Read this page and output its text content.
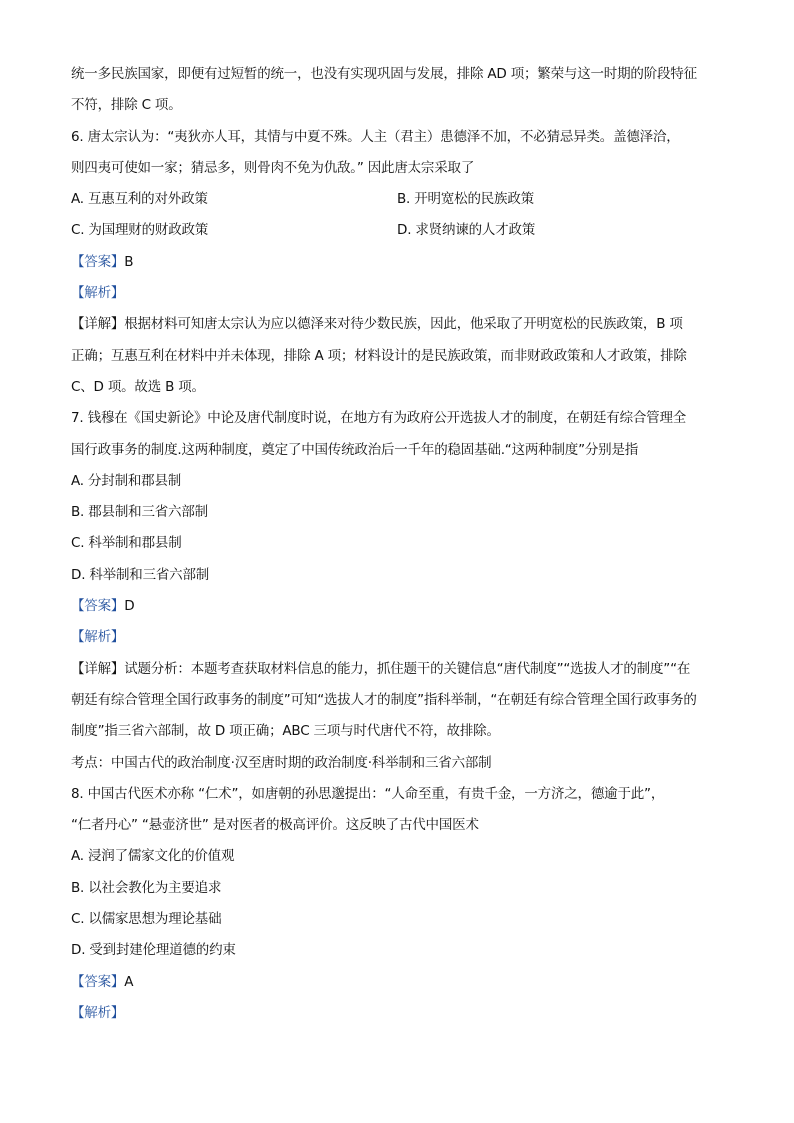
统一多民族国家，即便有过短暂的统一，也没有实现巩固与发展，排除 AD 项；繁荣与这一时期的阶段特征
不符，排除 C 项。
6. 唐太宗认为：“夷狄亦人耳，其情与中夏不殊。人主（君主）患德泽不加，不必猜忌异类。盖德泽洽，
则四夷可使如一家；猜忌多，则骨肉不免为仇敌。” 因此唐太宗采取了
A. 互惠互利的对外政策	B. 开明宽松的民族政策
C. 为国理财的财政政策	D. 求贤纳谏的人才政策
【答案】B
【解析】
【详解】根据材料可知唐太宗认为应以德泽来对待少数民族，因此，他采取了开明宽松的民族政策，B 项
正确；互惠互利在材料中并未体现，排除 A 项；材料设计的是民族政策，而非财政政策和人才政策，排除
C、D 项。故选 B 项。
7. 钱穆在《国史新论》中论及唐代制度时说，在地方有为政府公开选拔人才的制度，在朝廷有综合管理全
国行政事务的制度.这两种制度，奠定了中国传统政治后一千年的稳固基础.“这两种制度”分别是指
A. 分封制和郡县制
B. 郡县制和三省六部制
C. 科举制和郡县制
D. 科举制和三省六部制
【答案】D
【解析】
【详解】试题分析：本题考查获取材料信息的能力，抓住题干的关键信息“唐代制度”“选拔人才的制度”“在
朝廷有综合管理全国行政事务的制度”可知“选拔人才的制度”指科举制，“在朝廷有综合管理全国行政事务的
制度”指三省六部制，故 D 项正确；ABC 三项与时代唐代不符，故排除。
考点：中国古代的政治制度·汉至唐时期的政治制度·科举制和三省六部制
8. 中国古代医术亦称 “仁术”，如唐朝的孙思邈提出：“人命至重，有贵千金，一方济之，德逾于此”，
“仁者丹心” “悬壶济世” 是对医者的极高评价。这反映了古代中国医术
A. 浸润了儒家文化的价值观
B. 以社会教化为主要追求
C. 以儒家思想为理论基础
D. 受到封建伦理道德的约束
【答案】A
【解析】
